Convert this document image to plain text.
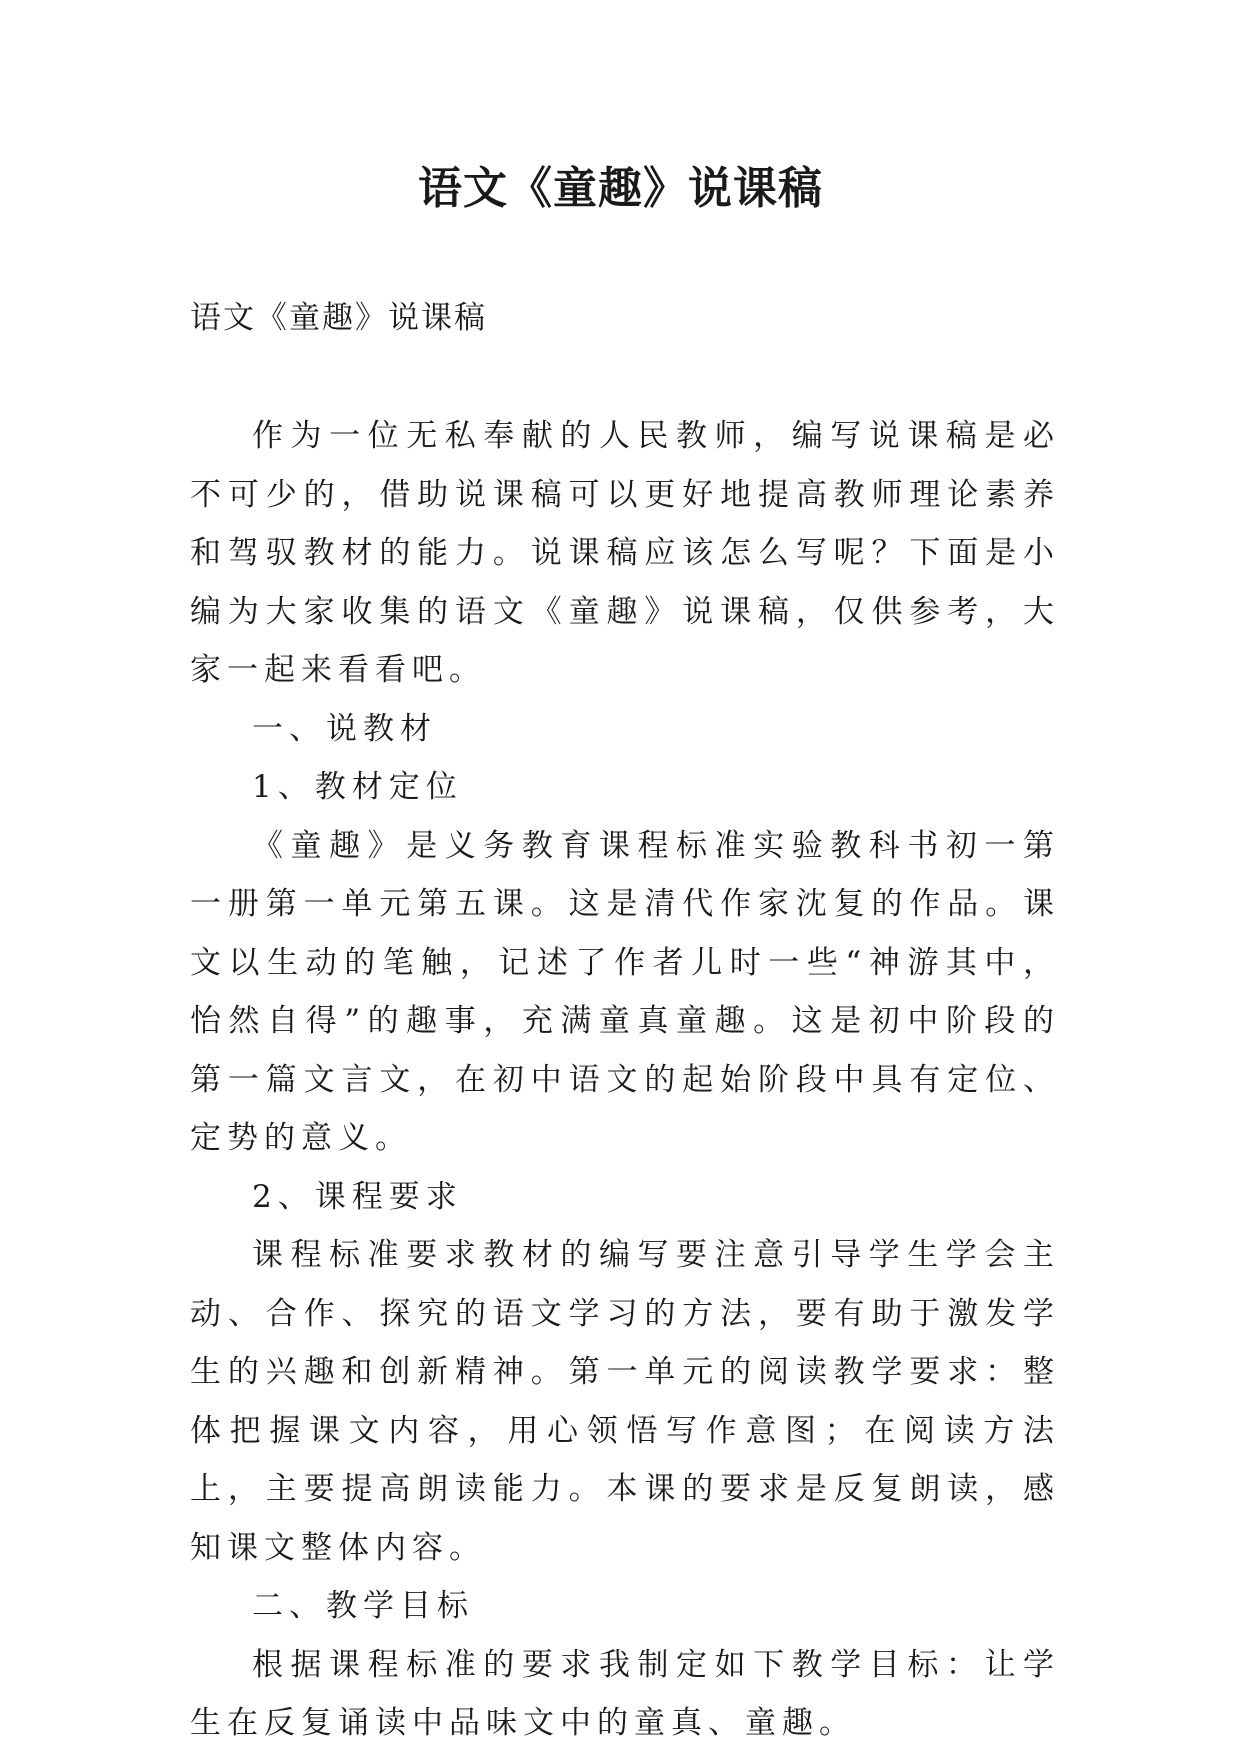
语文《童趣》说课稿

语文《童趣》说课稿

作为一位无私奉献的人民教师，编写说课稿是必不可少的，借助说课稿可以更好地提高教师理论素养和驾驭教材的能力。说课稿应该怎么写呢？下面是小编为大家收集的语文《童趣》说课稿，仅供参考，大家一起来看看吧。

一、说教材

1、教材定位

《童趣》是义务教育课程标准实验教科书初一第一册第一单元第五课。这是清代作家沈复的作品。课文以生动的笔触，记述了作者儿时一些“神游其中，怡然自得”的趣事，充满童真童趣。这是初中阶段的第一篇文言文，在初中语文的起始阶段中具有定位、定势的意义。

2、课程要求

课程标准要求教材的编写要注意引导学生学会主动、合作、探究的语文学习的方法，要有助于激发学生的兴趣和创新精神。第一单元的阅读教学要求：整体把握课文内容，用心领悟写作意图；在阅读方法上，主要提高朗读能力。本课的要求是反复朗读，感知课文整体内容。

二、教学目标

根据课程标准的要求我制定如下教学目标：让学生在反复诵读中品味文中的童真、童趣。
